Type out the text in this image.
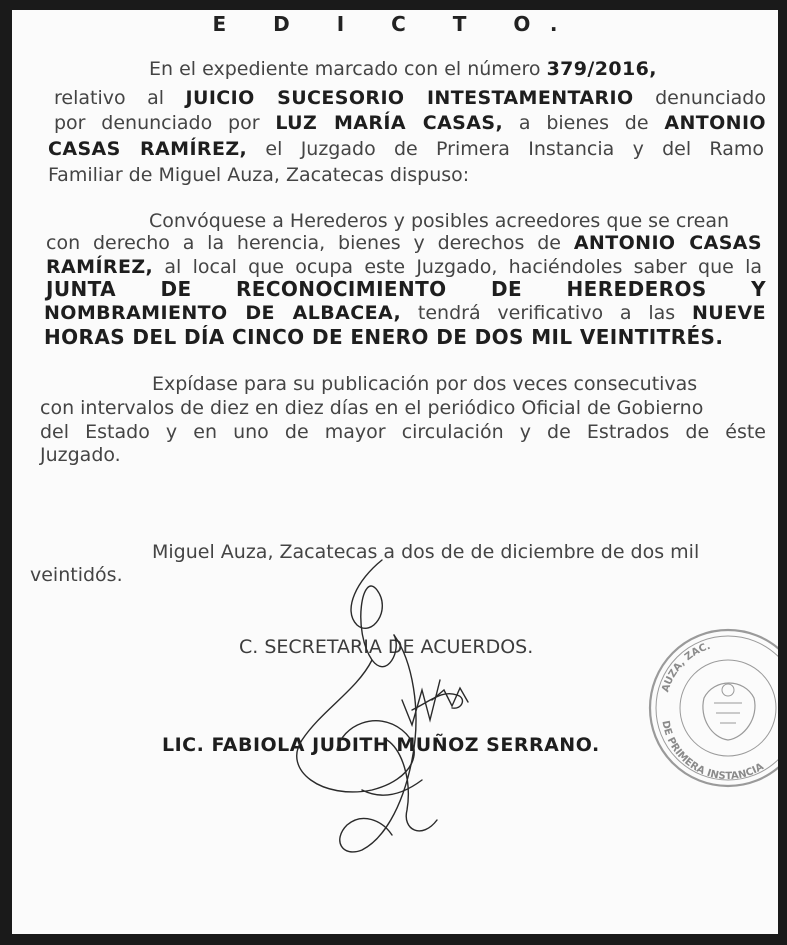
E D I C T O.
En el expediente marcado con el número 379/2016,
relativo al JUICIO SUCESORIO INTESTAMENTARIO denunciado
por denunciado por LUZ MARÍA CASAS, a bienes de ANTONIO
CASAS RAMÍREZ, el Juzgado de Primera Instancia y del Ramo
Familiar de Miguel Auza, Zacatecas dispuso:
Convóquese a Herederos y posibles acreedores que se crean
con derecho a la herencia, bienes y derechos de ANTONIO CASAS
RAMÍREZ, al local que ocupa este Juzgado, haciéndoles saber que la
JUNTA DE RECONOCIMIENTO DE HEREDEROS Y
NOMBRAMIENTO DE ALBACEA, tendrá verificativo a las NUEVE
HORAS DEL DÍA CINCO DE ENERO DE DOS MIL VEINTITRÉS.
Expídase para su publicación por dos veces consecutivas
con intervalos de diez en diez días en el periódico Oficial de Gobierno
del Estado y en uno de mayor circulación y de Estrados de éste
Juzgado.
Miguel Auza, Zacatecas a dos de de diciembre de dos mil
veintidós.
C. SECRETARIA DE ACUERDOS.
LIC. FABIOLA JUDITH MUÑOZ SERRANO.
AUZA, ZAC.
DE PRIMERA INSTANCIA
